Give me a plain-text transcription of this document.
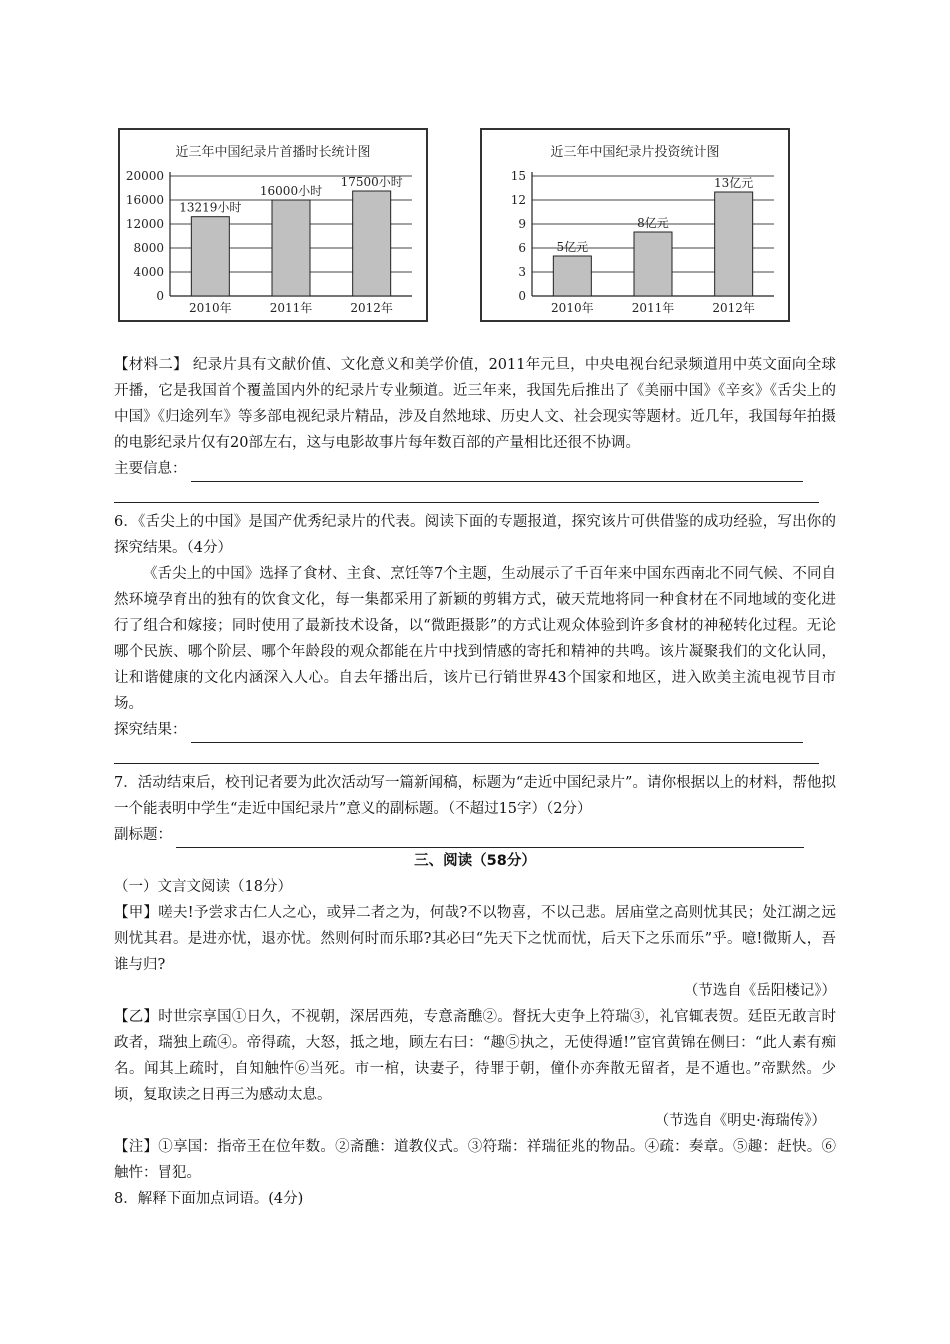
近三年中国纪录片首播时长统计图
0
4000
8000
12000
16000
20000
13219小时
2010年
16000小时
2011年
17500小时
2012年
近三年中国纪录片投资统计图
0
3
6
9
12
15
5亿元
2010年
8亿元
2011年
13亿元
2012年

【材料二】 纪录片具有文献价值、文化意义和美学价值，2011年元旦，中央电视台纪录频道用中英文面向全球开播，它是我国首个覆盖国内外的纪录片专业频道。近三年来，我国先后推出了《美丽中国》《辛亥》《舌尖上的中国》《归途列车》等多部电视纪录片精品，涉及自然地球、历史人文、社会现实等题材。近几年，我国每年拍摄的电影纪录片仅有20部左右，这与电影故事片每年数百部的产量相比还很不协调。

主要信息：

6．《舌尖上的中国》是国产优秀纪录片的代表。阅读下面的专题报道，探究该片可供借鉴的成功经验，写出你的探究结果。（4分）

《舌尖上的中国》选择了食材、主食、烹饪等7个主题，生动展示了千百年来中国东西南北不同气候、不同自然环境孕育出的独有的饮食文化，每一集都采用了新颖的剪辑方式，破天荒地将同一种食材在不同地域的变化进行了组合和嫁接；同时使用了最新技术设备，以“微距摄影”的方式让观众体验到许多食材的神秘转化过程。无论哪个民族、哪个阶层、哪个年龄段的观众都能在片中找到情感的寄托和精神的共鸣。该片凝聚我们的文化认同，让和谐健康的文化内涵深入人心。自去年播出后，该片已行销世界43个国家和地区，进入欧美主流电视节目市场。

探究结果：

7．活动结束后，校刊记者要为此次活动写一篇新闻稿，标题为“走近中国纪录片”。请你根据以上的材料，帮他拟一个能表明中学生“走近中国纪录片”意义的副标题。（不超过15字）（2分）

副标题：

三、阅读（58分）

（一）文言文阅读（18分）

【甲】嗟夫!予尝求古仁人之心，或异二者之为，何哉?不以物喜，不以己悲。居庙堂之高则忧其民；处江湖之远则忧其君。是进亦忧，退亦忧。然则何时而乐耶?其必曰“先天下之忧而忧，后天下之乐而乐”乎。噫!微斯人，吾谁与归?

（节选自《岳阳楼记》）

【乙】时世宗享国①日久，不视朝，深居西苑，专意斋醮②。督抚大吏争上符瑞③，礼官辄表贺。廷臣无敢言时政者，瑞独上疏④。帝得疏，大怒，抵之地，顾左右曰：“趣⑤执之，无使得遁!”宦官黄锦在侧曰：“此人素有痴名。闻其上疏时，自知触忤⑥当死。市一棺，诀妻子，待罪于朝，僮仆亦奔散无留者，是不遁也。”帝默然。少顷，复取读之日再三为感动太息。

（节选自《明史·海瑞传》）

【注】①享国：指帝王在位年数。②斋醮：道教仪式。③符瑞：祥瑞征兆的物品。④疏：奏章。⑤趣：赶快。⑥触忤：冒犯。

8．解释下面加点词语。(4分)
